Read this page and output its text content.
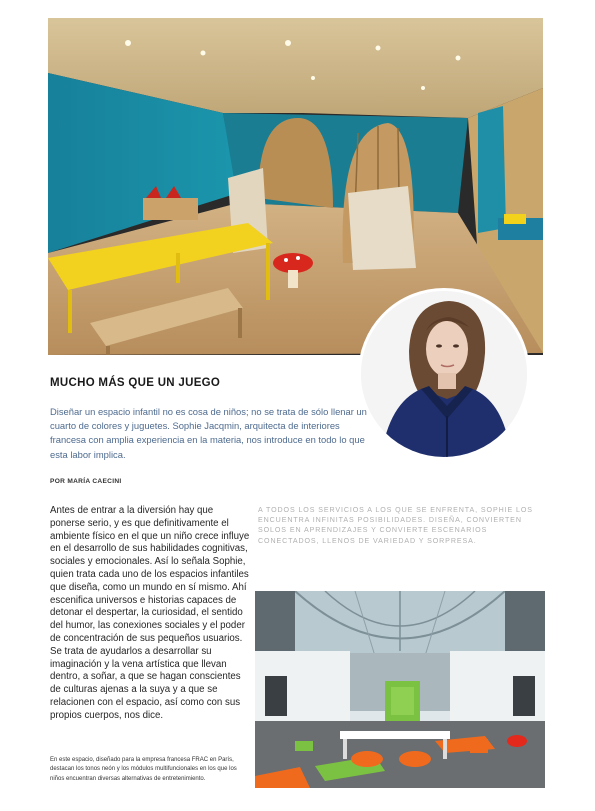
MUCHO MÁS QUE UN JUEGO
Diseñar un espacio infantil no es cosa de niños; no se trata de sólo llenar un cuarto de colores y juguetes. Sophie Jacqmin, arquitecta de interiores francesa con amplia experiencia en la materia, nos introduce en todo lo que esta labor implica.
POR MARÍA CAECINI
Antes de entrar a la diversión hay que ponerse serio, y es que definitivamente el ambiente físico en el que un niño crece influye en el desarrollo de sus habilidades cognitivas, sociales y emocionales. Así lo señala Sophie, quien trata cada uno de los espacios infantiles que diseña, como un mundo en sí mismo. Ahí escenifica universos e historias capaces de detonar el despertar, la curiosidad, el sentido del humor, las conexiones sociales y el poder de concentración de sus pequeños usuarios. Se trata de ayudarlos a desarrollar su imaginación y la vena artística que llevan dentro, a soñar, a que se hagan conscientes de culturas ajenas a la suya y a que se relacionen con el espacio, así como con sus propios cuerpos, nos dice.
A TODOS LOS SERVICIOS A LOS QUE SE ENFRENTA, SOPHIE LOS ENCUENTRA INFINITAS POSIBILIDADES. DISEÑA, CONVIERTEN SOLOS EN APRENDIZAJES Y CONVIERTE ESCENARIOS CONECTADOS, LLENOS DE VARIEDAD Y SORPRESA.
En este espacio, diseñado para la empresa francesa FRAC en París, destacan los tonos neón y los módulos multifuncionales en los que los niños encuentran diversas alternativas de entretenimiento.
